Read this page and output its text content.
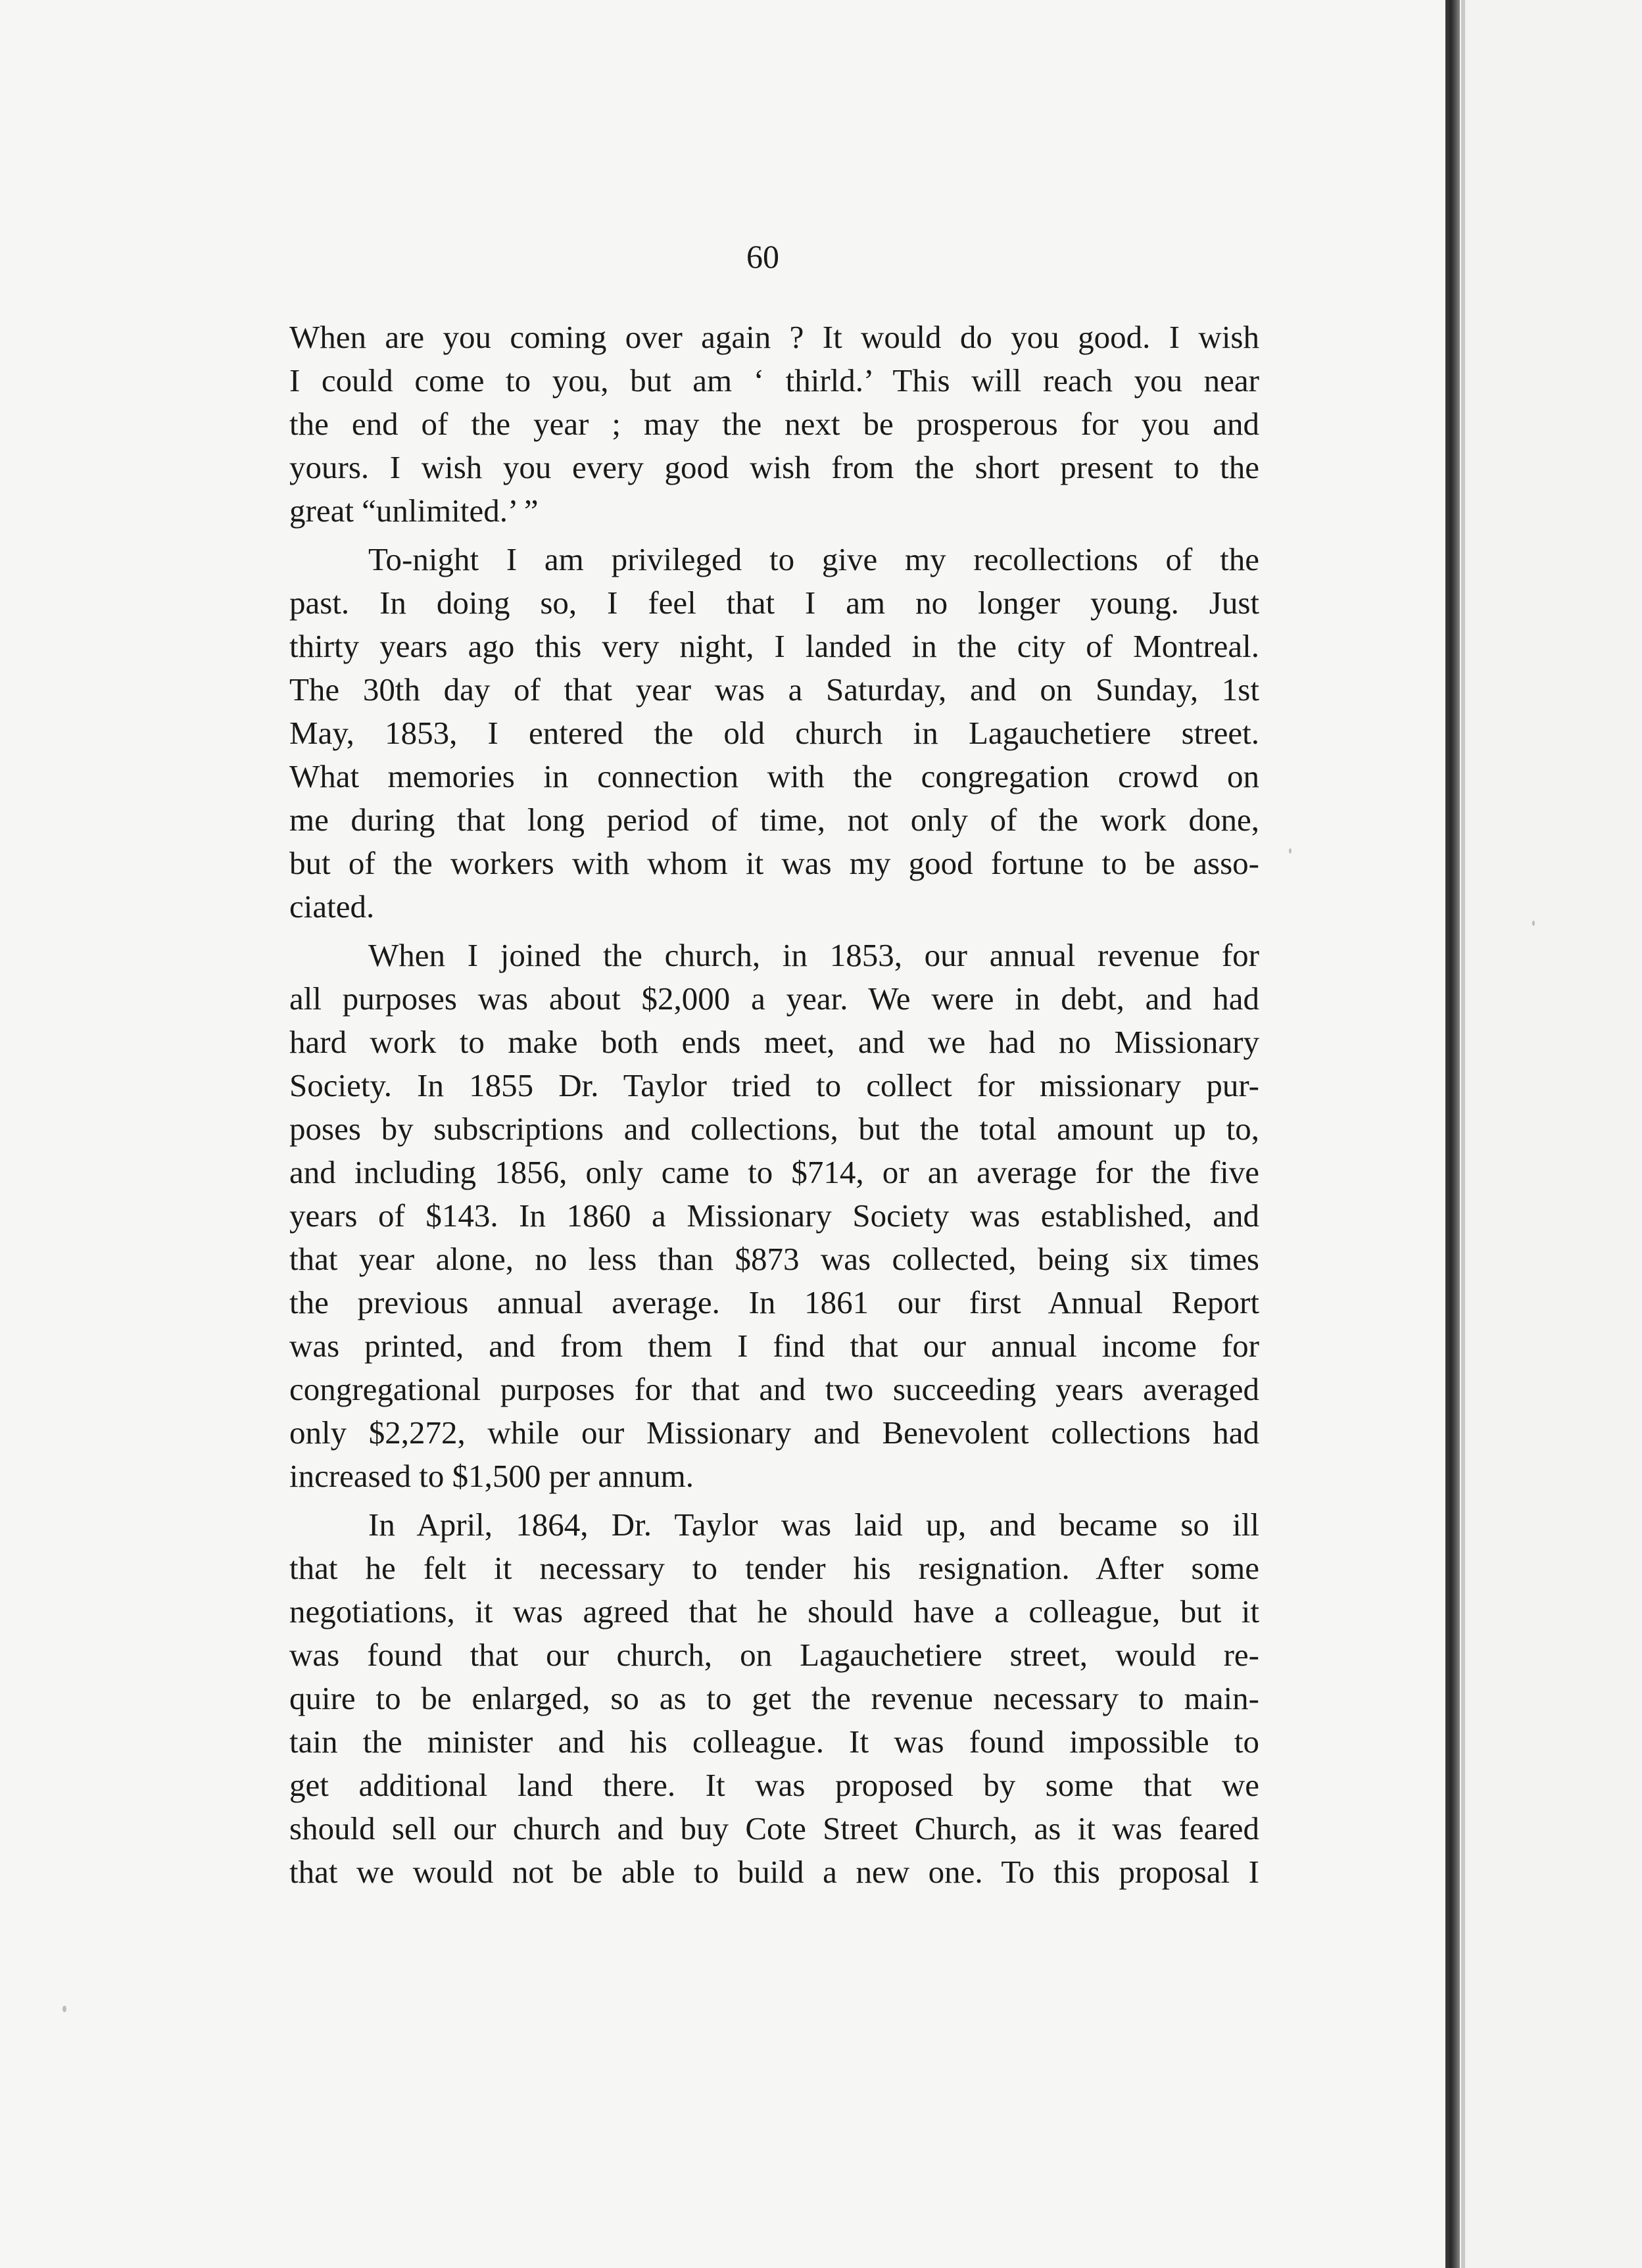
60
When are you coming over again ? It would do you good. I wish
I could come to you, but am ‘ thirld.’ This will reach you near
the end of the year ; may the next be prosperous for you and
yours. I wish you every good wish from the short present to the
great “unlimited.’ ”
To-night I am privileged to give my recollections of the
past. In doing so, I feel that I am no longer young. Just
thirty years ago this very night, I landed in the city of Montreal.
The 30th day of that year was a Saturday, and on Sunday, 1st
May, 1853, I entered the old church in Lagauchetiere street.
What memories in connection with the congregation crowd on
me during that long period of time, not only of the work done,
but of the workers with whom it was my good fortune to be asso-
ciated.
When I joined the church, in 1853, our annual revenue for
all purposes was about $2,000 a year. We were in debt, and had
hard work to make both ends meet, and we had no Missionary
Society. In 1855 Dr. Taylor tried to collect for missionary pur-
poses by subscriptions and collections, but the total amount up to,
and including 1856, only came to $714, or an average for the five
years of $143. In 1860 a Missionary Society was established, and
that year alone, no less than $873 was collected, being six times
the previous annual average. In 1861 our first Annual Report
was printed, and from them I find that our annual income for
congregational purposes for that and two succeeding years averaged
only $2,272, while our Missionary and Benevolent collections had
increased to $1,500 per annum.
In April, 1864, Dr. Taylor was laid up, and became so ill
that he felt it necessary to tender his resignation. After some
negotiations, it was agreed that he should have a colleague, but it
was found that our church, on Lagauchetiere street, would re-
quire to be enlarged, so as to get the revenue necessary to main-
tain the minister and his colleague. It was found impossible to
get additional land there. It was proposed by some that we
should sell our church and buy Cote Street Church, as it was feared
that we would not be able to build a new one. To this proposal I
